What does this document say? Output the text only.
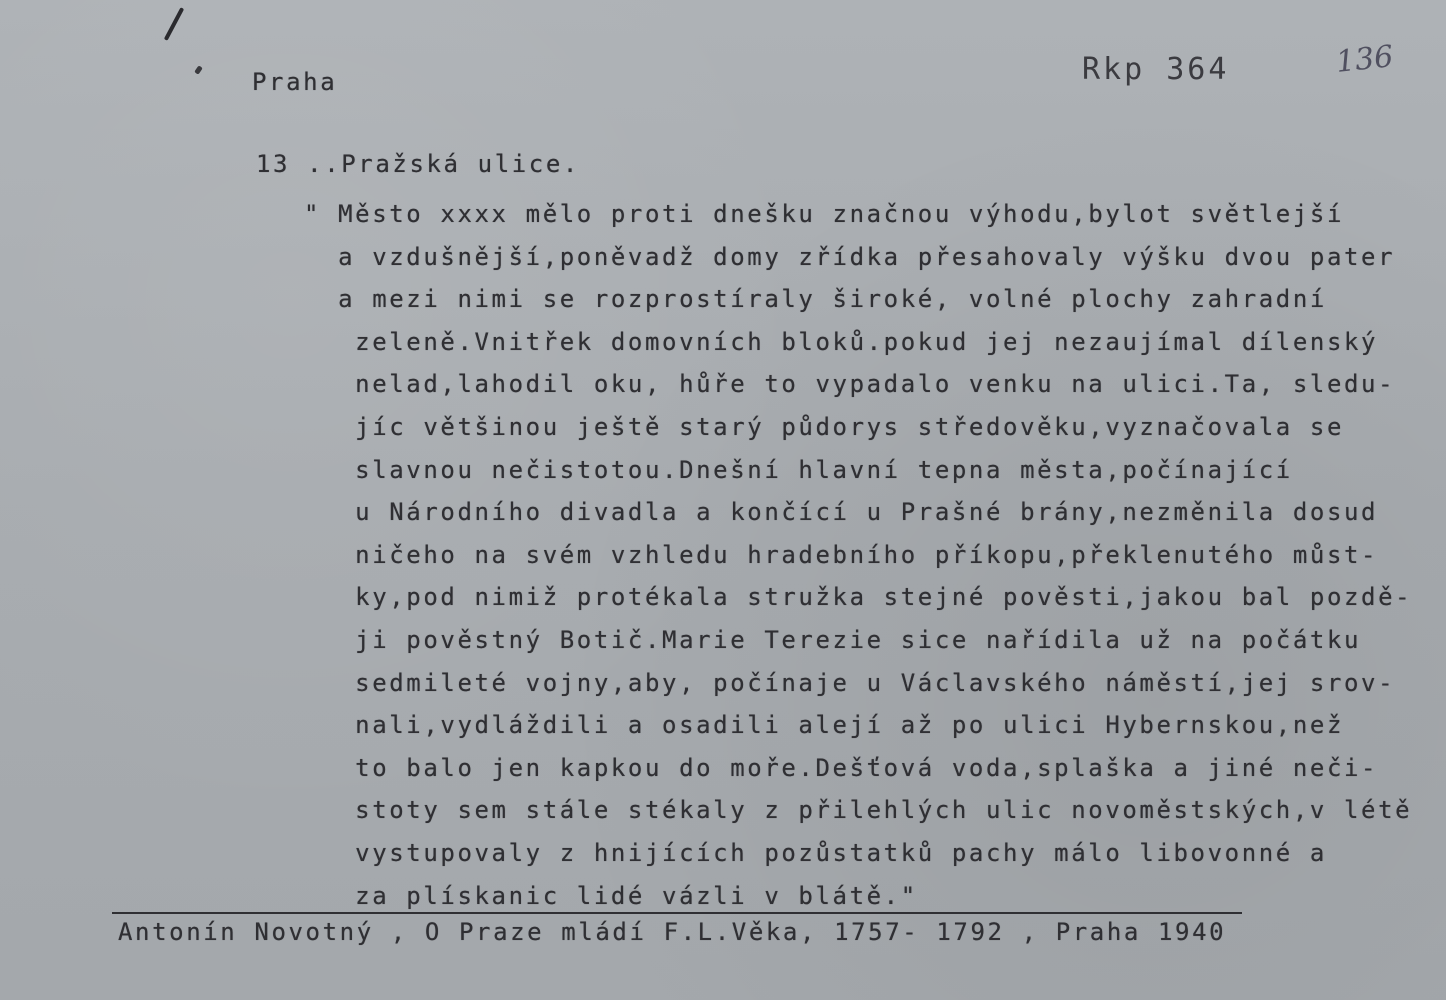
Praha	Rkp 364	136
13 ..Pražská ulice.
" Město xxxx mělo proti dnešku značnou výhodu,bylot světlejší
a vzdušnější,poněvadž domy zřídka přesahovaly výšku dvou pater
a mezi nimi se rozprostíraly široké, volné plochy zahradní
zeleně.Vnitřek domovních bloků.pokud jej nezaujímal dílenský
nelad,lahodil oku, hůře to vypadalo venku na ulici.Ta, sledu-
jíc většinou ještě starý půdorys středověku,vyznačovala se
slavnou nečistotou.Dnešní hlavní tepna města,počínající
u Národního divadla a končící u Prašné brány,nezměnila dosud
ničeho na svém vzhledu hradebního příkopu,překlenutého můst-
ky,pod nimiž protékala stružka stejné pověsti,jakou bal pozdě-
ji pověstný Botič.Marie Terezie sice nařídila už na počátku
sedmileté vojny,aby, počínaje u Václavského náměstí,jej srov-
nali,vydláždili a osadili alejí až po ulici Hybernskou,než
to balo jen kapkou do moře.Dešťová voda,splaška a jiné neči-
stoty sem stále stékaly z přilehlých ulic novoměstských,v létě
vystupovaly z hnijících pozůstatků pachy málo libovonné a
za plískanic lidé vázli v blátě."
Antonín Novotný , O Praze mládí F.L.Věka, 1757- 1792 , Praha 1940
